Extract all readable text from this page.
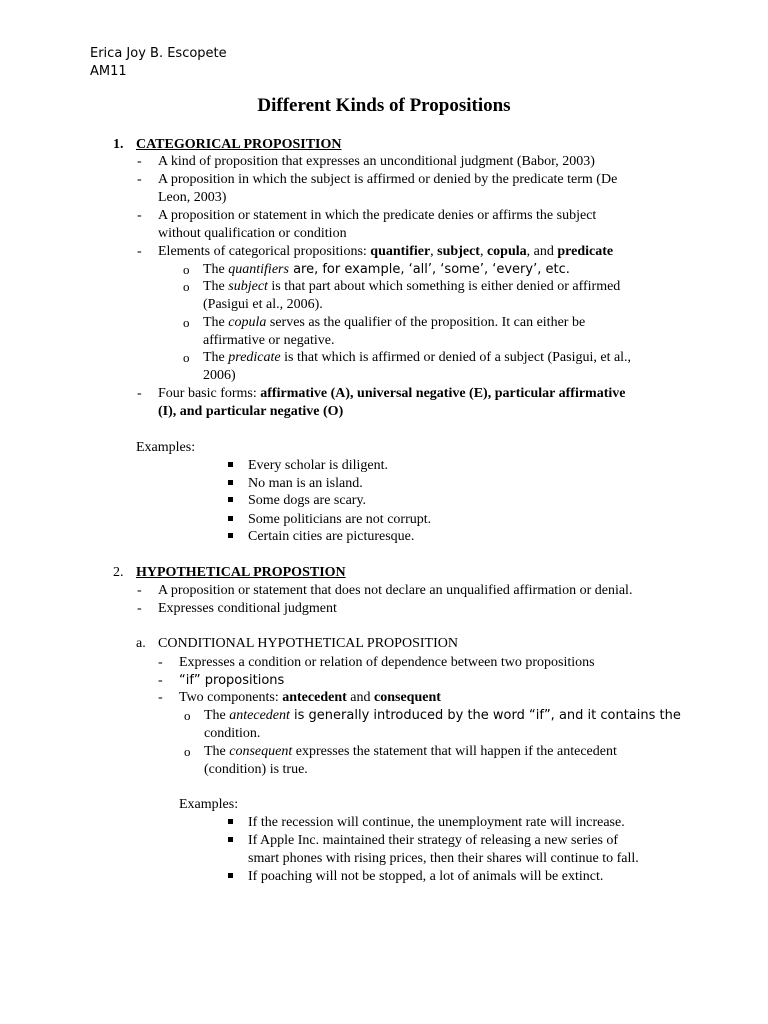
Erica Joy B. Escopete
AM11
Different Kinds of Propositions
1. CATEGORICAL PROPOSITION
- A kind of proposition that expresses an unconditional judgment (Babor, 2003)
- A proposition in which the subject is affirmed or denied by the predicate term (De
Leon, 2003)
- A proposition or statement in which the predicate denies or affirms the subject
without qualification or condition
- Elements of categorical propositions: quantifier, subject, copula, and predicate
o The quantifiers are, for example, ‘all’, ‘some’, ‘every’, etc.
o The subject is that part about which something is either denied or affirmed
(Pasigui et al., 2006).
o The copula serves as the qualifier of the proposition. It can either be
affirmative or negative.
o The predicate is that which is affirmed or denied of a subject (Pasigui, et al.,
2006)
- Four basic forms: affirmative (A), universal negative (E), particular affirmative
(I), and particular negative (O)
Examples:
Every scholar is diligent.
No man is an island.
Some dogs are scary.
Some politicians are not corrupt.
Certain cities are picturesque.
2. HYPOTHETICAL PROPOSTION
- A proposition or statement that does not declare an unqualified affirmation or denial.
- Expresses conditional judgment
a. CONDITIONAL HYPOTHETICAL PROPOSITION
- Expresses a condition or relation of dependence between two propositions
- “if” propositions
- Two components: antecedent and consequent
o The antecedent is generally introduced by the word “if”, and it contains the
condition.
o The consequent expresses the statement that will happen if the antecedent
(condition) is true.
Examples:
If the recession will continue, the unemployment rate will increase.
If Apple Inc. maintained their strategy of releasing a new series of
smart phones with rising prices, then their shares will continue to fall.
If poaching will not be stopped, a lot of animals will be extinct.
